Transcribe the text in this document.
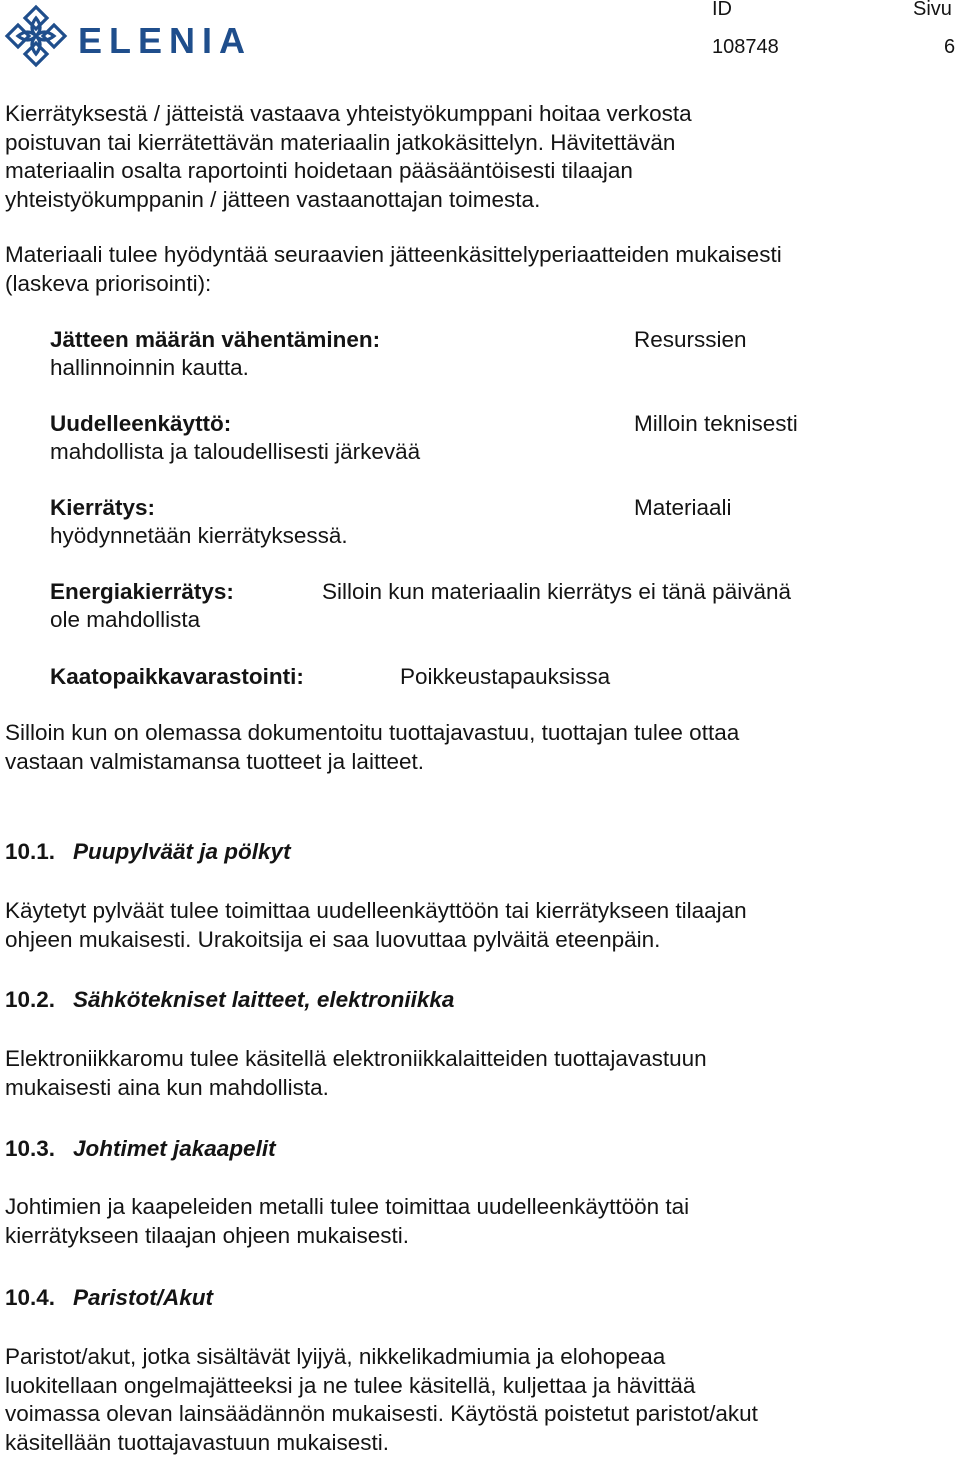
ELENIA
ID
108748
Sivu
6
Kierrätyksestä / jätteistä vastaava yhteistyökumppani hoitaa verkosta
poistuvan tai kierrätettävän materiaalin jatkokäsittelyn. Hävitettävän
materiaalin osalta raportointi hoidetaan pääsääntöisesti tilaajan
yhteistyökumppanin / jätteen vastaanottajan toimesta.
Materiaali tulee hyödyntää seuraavien jätteenkäsittelyperiaatteiden mukaisesti
(laskeva priorisointi):
Jätteen määrän vähentäminen:	Resurssien
hallinnoinnin kautta.
Uudelleenkäyttö:	Milloin teknisesti
mahdollista ja taloudellisesti järkevää
Kierrätys:	Materiaali
hyödynnetään kierrätyksessä.
Energiakierrätys:	Silloin kun materiaalin kierrätys ei tänä päivänä
ole mahdollista
Kaatopaikkavarastointi:	Poikkeustapauksissa
Silloin kun on olemassa dokumentoitu tuottajavastuu, tuottajan tulee ottaa
vastaan valmistamansa tuotteet ja laitteet.
10.1. Puupylväät ja pölkyt
Käytetyt pylväät tulee toimittaa uudelleenkäyttöön tai kierrätykseen tilaajan
ohjeen mukaisesti. Urakoitsija ei saa luovuttaa pylväitä eteenpäin.
10.2. Sähkötekniset laitteet, elektroniikka
Elektroniikkaromu tulee käsitellä elektroniikkalaitteiden tuottajavastuun
mukaisesti aina kun mahdollista.
10.3. Johtimet jakaapelit
Johtimien ja kaapeleiden metalli tulee toimittaa uudelleenkäyttöön tai
kierrätykseen tilaajan ohjeen mukaisesti.
10.4. Paristot/Akut
Paristot/akut, jotka sisältävät lyijyä, nikkelikadmiumia ja elohopeaa
luokitellaan ongelmajätteeksi ja ne tulee käsitellä, kuljettaa ja hävittää
voimassa olevan lainsäädännön mukaisesti. Käytöstä poistetut paristot/akut
käsitellään tuottajavastuun mukaisesti.
